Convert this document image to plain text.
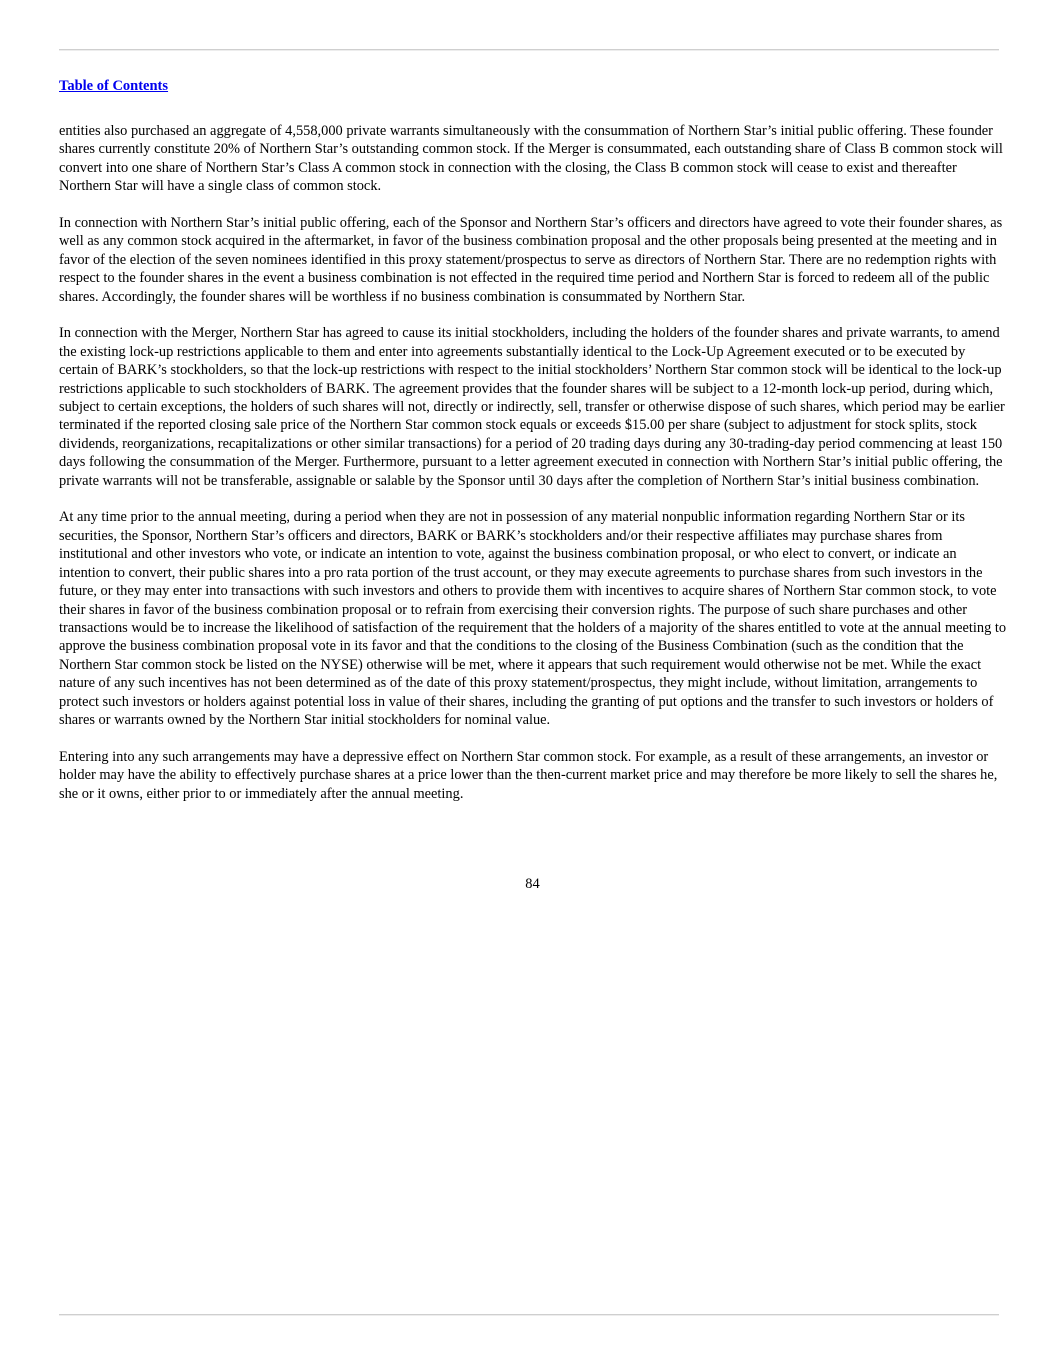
Table of Contents

entities also purchased an aggregate of 4,558,000 private warrants simultaneously with the consummation of Northern Star’s initial public offering. These founder shares currently constitute 20% of Northern Star’s outstanding common stock. If the Merger is consummated, each outstanding share of Class B common stock will convert into one share of Northern Star’s Class A common stock in connection with the closing, the Class B common stock will cease to exist and thereafter Northern Star will have a single class of common stock.

In connection with Northern Star’s initial public offering, each of the Sponsor and Northern Star’s officers and directors have agreed to vote their founder shares, as well as any common stock acquired in the aftermarket, in favor of the business combination proposal and the other proposals being presented at the meeting and in favor of the election of the seven nominees identified in this proxy statement/prospectus to serve as directors of Northern Star. There are no redemption rights with respect to the founder shares in the event a business combination is not effected in the required time period and Northern Star is forced to redeem all of the public shares. Accordingly, the founder shares will be worthless if no business combination is consummated by Northern Star.

In connection with the Merger, Northern Star has agreed to cause its initial stockholders, including the holders of the founder shares and private warrants, to amend the existing lock-up restrictions applicable to them and enter into agreements substantially identical to the Lock-Up Agreement executed or to be executed by certain of BARK’s stockholders, so that the lock-up restrictions with respect to the initial stockholders’ Northern Star common stock will be identical to the lock-up restrictions applicable to such stockholders of BARK. The agreement provides that the founder shares will be subject to a 12-month lock-up period, during which, subject to certain exceptions, the holders of such shares will not, directly or indirectly, sell, transfer or otherwise dispose of such shares, which period may be earlier terminated if the reported closing sale price of the Northern Star common stock equals or exceeds $15.00 per share (subject to adjustment for stock splits, stock dividends, reorganizations, recapitalizations or other similar transactions) for a period of 20 trading days during any 30-trading-day period commencing at least 150 days following the consummation of the Merger. Furthermore, pursuant to a letter agreement executed in connection with Northern Star’s initial public offering, the private warrants will not be transferable, assignable or salable by the Sponsor until 30 days after the completion of Northern Star’s initial business combination.

At any time prior to the annual meeting, during a period when they are not in possession of any material nonpublic information regarding Northern Star or its securities, the Sponsor, Northern Star’s officers and directors, BARK or BARK’s stockholders and/or their respective affiliates may purchase shares from institutional and other investors who vote, or indicate an intention to vote, against the business combination proposal, or who elect to convert, or indicate an intention to convert, their public shares into a pro rata portion of the trust account, or they may execute agreements to purchase shares from such investors in the future, or they may enter into transactions with such investors and others to provide them with incentives to acquire shares of Northern Star common stock, to vote their shares in favor of the business combination proposal or to refrain from exercising their conversion rights. The purpose of such share purchases and other transactions would be to increase the likelihood of satisfaction of the requirement that the holders of a majority of the shares entitled to vote at the annual meeting to approve the business combination proposal vote in its favor and that the conditions to the closing of the Business Combination (such as the condition that the Northern Star common stock be listed on the NYSE) otherwise will be met, where it appears that such requirement would otherwise not be met. While the exact nature of any such incentives has not been determined as of the date of this proxy statement/prospectus, they might include, without limitation, arrangements to protect such investors or holders against potential loss in value of their shares, including the granting of put options and the transfer to such investors or holders of shares or warrants owned by the Northern Star initial stockholders for nominal value.

Entering into any such arrangements may have a depressive effect on Northern Star common stock. For example, as a result of these arrangements, an investor or holder may have the ability to effectively purchase shares at a price lower than the then-current market price and may therefore be more likely to sell the shares he, she or it owns, either prior to or immediately after the annual meeting.

84
